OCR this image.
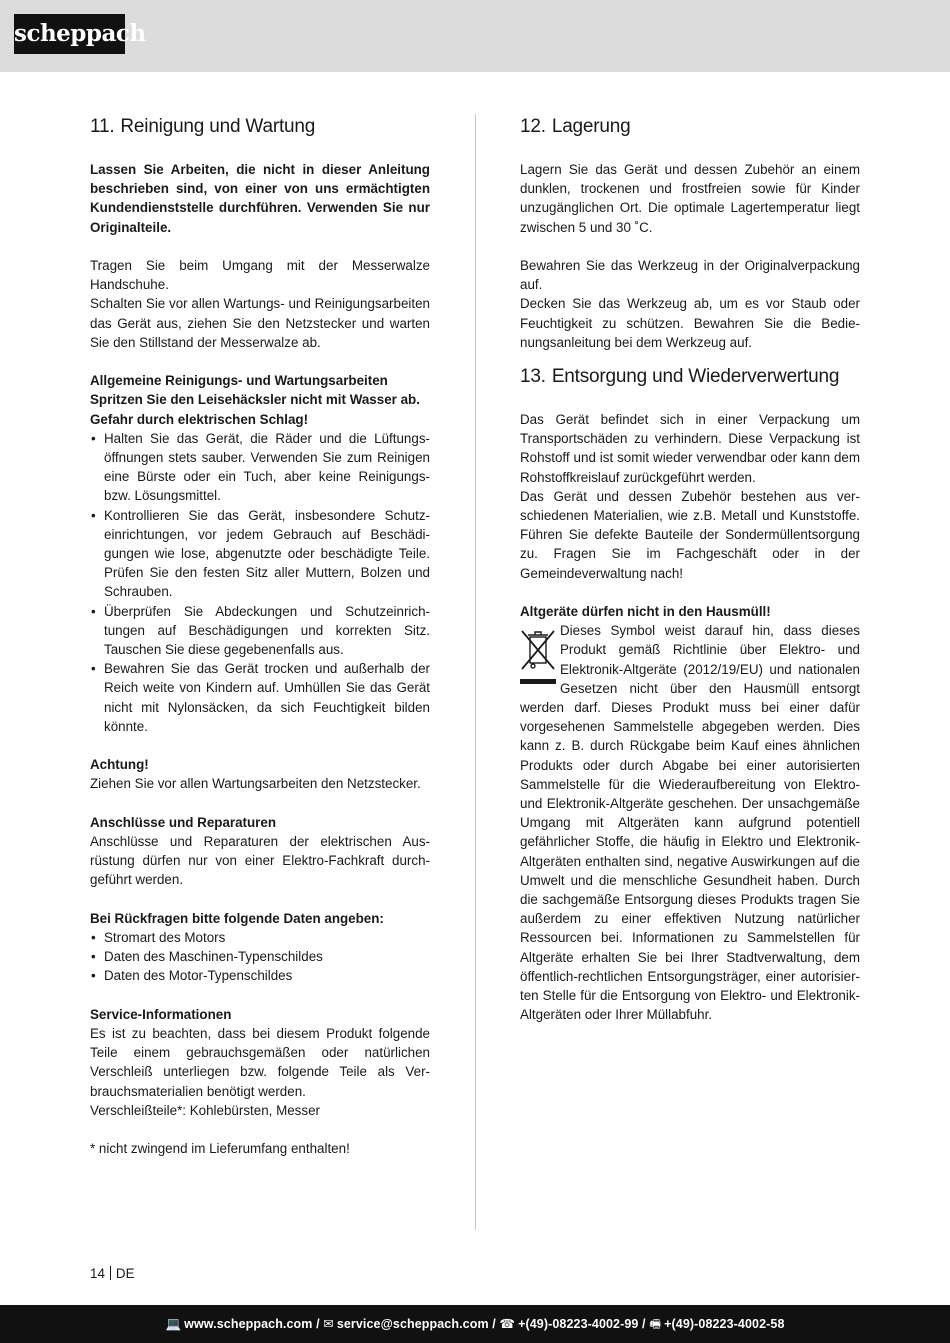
scheppach
11. Reinigung und Wartung

Lassen Sie Arbeiten, die nicht in dieser Anleitung beschrieben sind, von einer von uns ermächtigten Kundendienststelle durchführen. Verwenden Sie nur Originalteile.

Tragen Sie beim Umgang mit der Messerwalze Handschuhe.

Schalten Sie vor allen Wartungs- und Reinigungsarbeiten das Gerät aus, ziehen Sie den Netzstecker und warten Sie den Stillstand der Messerwalze ab.

Allgemeine Reinigungs- und Wartungsarbeiten Spritzen Sie den Leisehäcksler nicht mit Wasser ab. Gefahr durch elektrischen Schlag!

• Halten Sie das Gerät, die Räder und die Lüftungsöffnungen stets sauber. Verwenden Sie zum Reinigen eine Bürste oder ein Tuch, aber keine Reinigungs- bzw. Lösungsmittel.
• Kontrollieren Sie das Gerät, insbesondere Schutzeinrichtungen, vor jedem Gebrauch auf Beschädigungen wie lose, abgenutzte oder beschädigte Teile. Prüfen Sie den festen Sitz aller Muttern, Bolzen und Schrauben.
• Überprüfen Sie Abdeckungen und Schutzeinrichtungen auf Beschädigungen und korrekten Sitz. Tauschen Sie diese gegebenenfalls aus.
• Bewahren Sie das Gerät trocken und außerhalb der Reich weite von Kindern auf. Umhüllen Sie das Gerät nicht mit Nylonsäcken, da sich Feuchtigkeit bilden könnte.

Achtung!

Ziehen Sie vor allen Wartungsarbeiten den Netzstecker.

Anschlüsse und Reparaturen

Anschlüsse und Reparaturen der elektrischen Ausrüstung dürfen nur von einer Elektro-Fachkraft durchgeführt werden.

Bei Rückfragen bitte folgende Daten angeben:

• Stromart des Motors
• Daten des Maschinen-Typenschildes
• Daten des Motor-Typenschildes

Service-Informationen

Es ist zu beachten, dass bei diesem Produkt folgende Teile einem gebrauchsgemäßen oder natürlichen Verschleiß unterliegen bzw. folgende Teile als Verbrauchsmaterialien benötigt werden.

Verschleißteile*: Kohlebürsten, Messer

* nicht zwingend im Lieferumfang enthalten!

12. Lagerung

Lagern Sie das Gerät und dessen Zubehör an einem dunklen, trockenen und frostfreien sowie für Kinder unzugänglichen Ort. Die optimale Lagertemperatur liegt zwischen 5 und 30 ˚C.

Bewahren Sie das Werkzeug in der Originalverpackung auf.

Decken Sie das Werkzeug ab, um es vor Staub oder Feuchtigkeit zu schützen. Bewahren Sie die Bedienungsanleitung bei dem Werkzeug auf.

13. Entsorgung und Wiederverwertung

Das Gerät befindet sich in einer Verpackung um Transportschäden zu verhindern. Diese Verpackung ist Rohstoff und ist somit wieder verwendbar oder kann dem Rohstoffkreislauf zurückgeführt werden.

Das Gerät und dessen Zubehör bestehen aus verschiedenen Materialien, wie z.B. Metall und Kunststoffe. Führen Sie defekte Bauteile der Sondermüllentsorgung zu. Fragen Sie im Fachgeschäft oder in der Gemeindeverwaltung nach!

Altgeräte dürfen nicht in den Hausmüll!

Dieses Symbol weist darauf hin, dass dieses Produkt gemäß Richtlinie über Elektro- und Elektronik-Altgeräte (2012/19/EU) und nationalen Gesetzen nicht über den Hausmüll entsorgt werden darf. Dieses Produkt muss bei einer dafür vorgesehenen Sammelstelle abgegeben werden. Dies kann z. B. durch Rückgabe beim Kauf eines ähnlichen Produkts oder durch Abgabe bei einer autorisierten Sammelstelle für die Wiederaufbereitung von Elektro- und Elektronik-Altgeräte geschehen. Der unsachgemäße Umgang mit Altgeräten kann aufgrund potentiell gefährlicher Stoffe, die häufig in Elektro und Elektronik-Altgeräten enthalten sind, negative Auswirkungen auf die Umwelt und die menschliche Gesundheit haben. Durch die sachgemäße Entsorgung dieses Produkts tragen Sie außerdem zu einer effektiven Nutzung natürlicher Ressourcen bei. Informationen zu Sammelstellen für Altgeräte erhalten Sie bei Ihrer Stadtverwaltung, dem öffentlich-rechtlichen Entsorgungsträger, einer autorisierten Stelle für die Entsorgung von Elektro- und Elektronik-Altgeräten oder Ihrer Müllabfuhr.

14 DE
💻 www.scheppach.com / ✉ service@scheppach.com / ☎ +(49)-08223-4002-99 / 🖷 +(49)-08223-4002-58
